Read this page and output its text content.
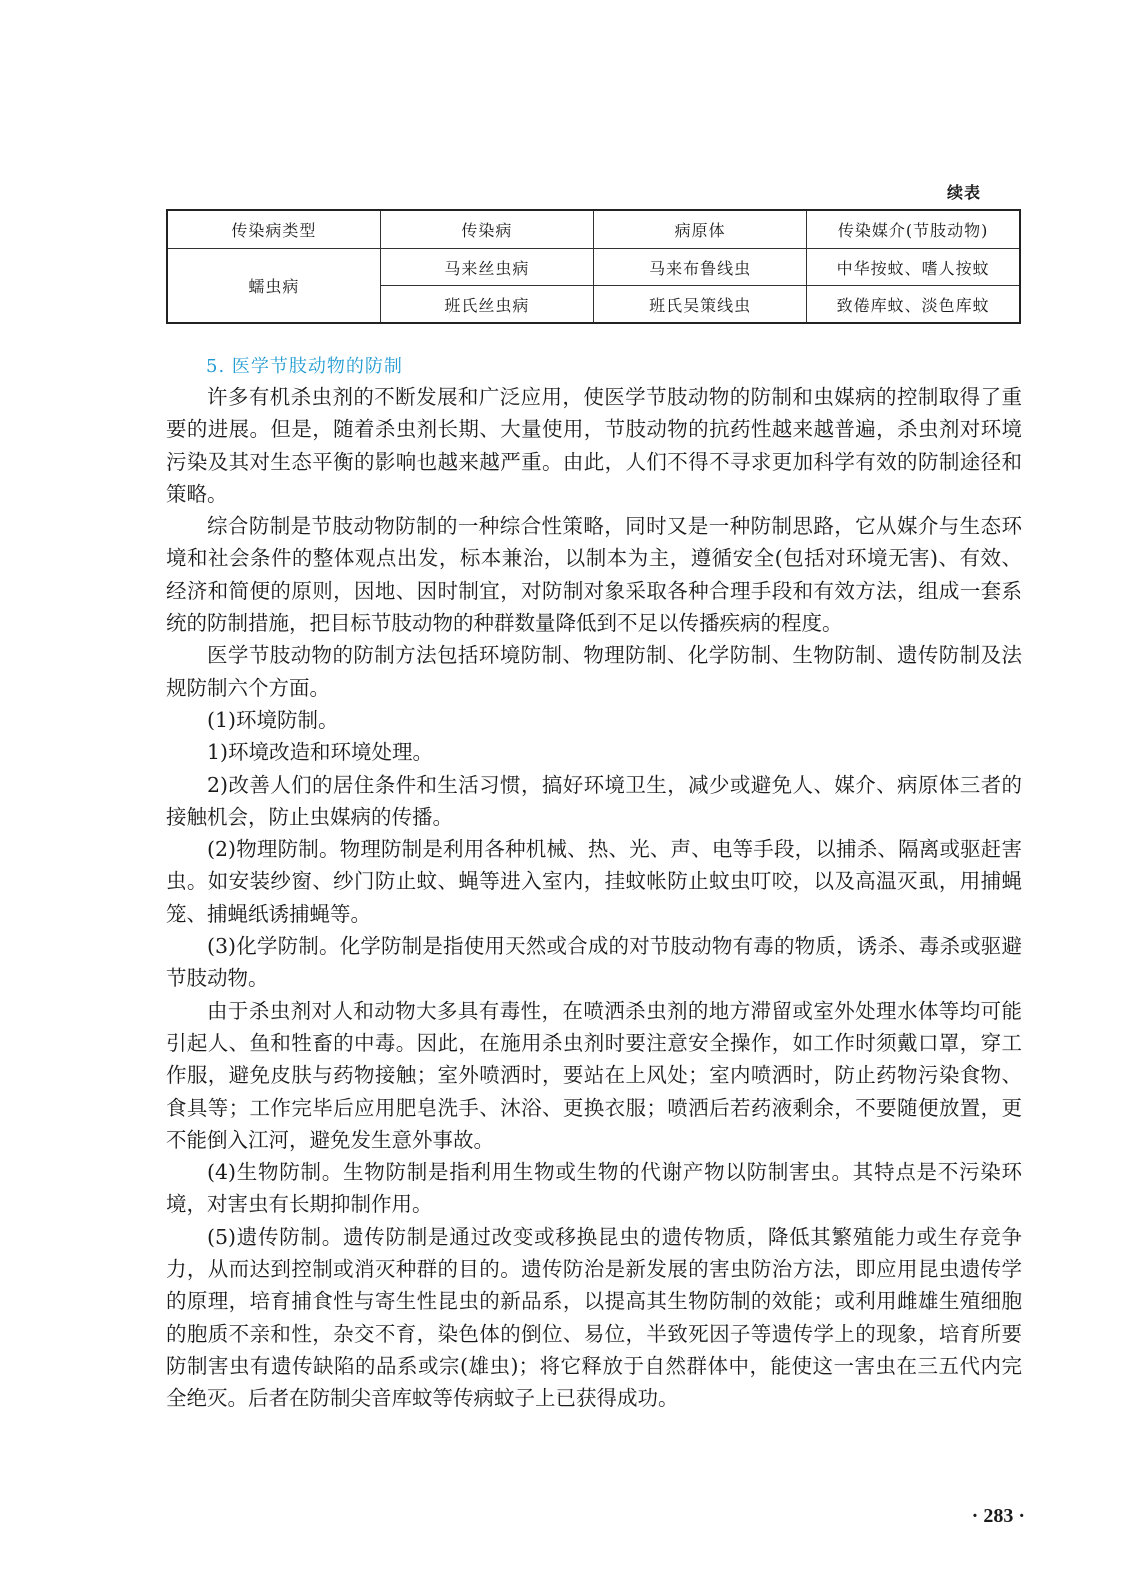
续表
传染病类型	传染病	病原体	传染媒介(节肢动物)
蠕虫病	马来丝虫病	马来布鲁线虫	中华按蚊、嗜人按蚊
	班氏丝虫病	班氏吴策线虫	致倦库蚊、淡色库蚊
5. 医学节肢动物的防制

许多有机杀虫剂的不断发展和广泛应用，使医学节肢动物的防制和虫媒病的控制取得了重要的进展。但是，随着杀虫剂长期、大量使用，节肢动物的抗药性越来越普遍，杀虫剂对环境污染及其对生态平衡的影响也越来越严重。由此，人们不得不寻求更加科学有效的防制途径和策略。

综合防制是节肢动物防制的一种综合性策略，同时又是一种防制思路，它从媒介与生态环境和社会条件的整体观点出发，标本兼治，以制本为主，遵循安全(包括对环境无害)、有效、经济和简便的原则，因地、因时制宜，对防制对象采取各种合理手段和有效方法，组成一套系统的防制措施，把目标节肢动物的种群数量降低到不足以传播疾病的程度。

医学节肢动物的防制方法包括环境防制、物理防制、化学防制、生物防制、遗传防制及法规防制六个方面。

(1)环境防制。

1)环境改造和环境处理。

2)改善人们的居住条件和生活习惯，搞好环境卫生，减少或避免人、媒介、病原体三者的接触机会，防止虫媒病的传播。

(2)物理防制。物理防制是利用各种机械、热、光、声、电等手段，以捕杀、隔离或驱赶害虫。如安装纱窗、纱门防止蚊、蝇等进入室内，挂蚊帐防止蚊虫叮咬，以及高温灭虱，用捕蝇笼、捕蝇纸诱捕蝇等。

(3)化学防制。化学防制是指使用天然或合成的对节肢动物有毒的物质，诱杀、毒杀或驱避节肢动物。

由于杀虫剂对人和动物大多具有毒性，在喷洒杀虫剂的地方滞留或室外处理水体等均可能引起人、鱼和牲畜的中毒。因此，在施用杀虫剂时要注意安全操作，如工作时须戴口罩，穿工作服，避免皮肤与药物接触；室外喷洒时，要站在上风处；室内喷洒时，防止药物污染食物、食具等；工作完毕后应用肥皂洗手、沐浴、更换衣服；喷洒后若药液剩余，不要随便放置，更不能倒入江河，避免发生意外事故。

(4)生物防制。生物防制是指利用生物或生物的代谢产物以防制害虫。其特点是不污染环境，对害虫有长期抑制作用。

(5)遗传防制。遗传防制是通过改变或移换昆虫的遗传物质，降低其繁殖能力或生存竞争力，从而达到控制或消灭种群的目的。遗传防治是新发展的害虫防治方法，即应用昆虫遗传学的原理，培育捕食性与寄生性昆虫的新品系，以提高其生物防制的效能；或利用雌雄生殖细胞的胞质不亲和性，杂交不育，染色体的倒位、易位，半致死因子等遗传学上的现象，培育所要防制害虫有遗传缺陷的品系或宗(雄虫)；将它释放于自然群体中，能使这一害虫在三五代内完全绝灭。后者在防制尖音库蚊等传病蚊子上已获得成功。

· 283 ·
